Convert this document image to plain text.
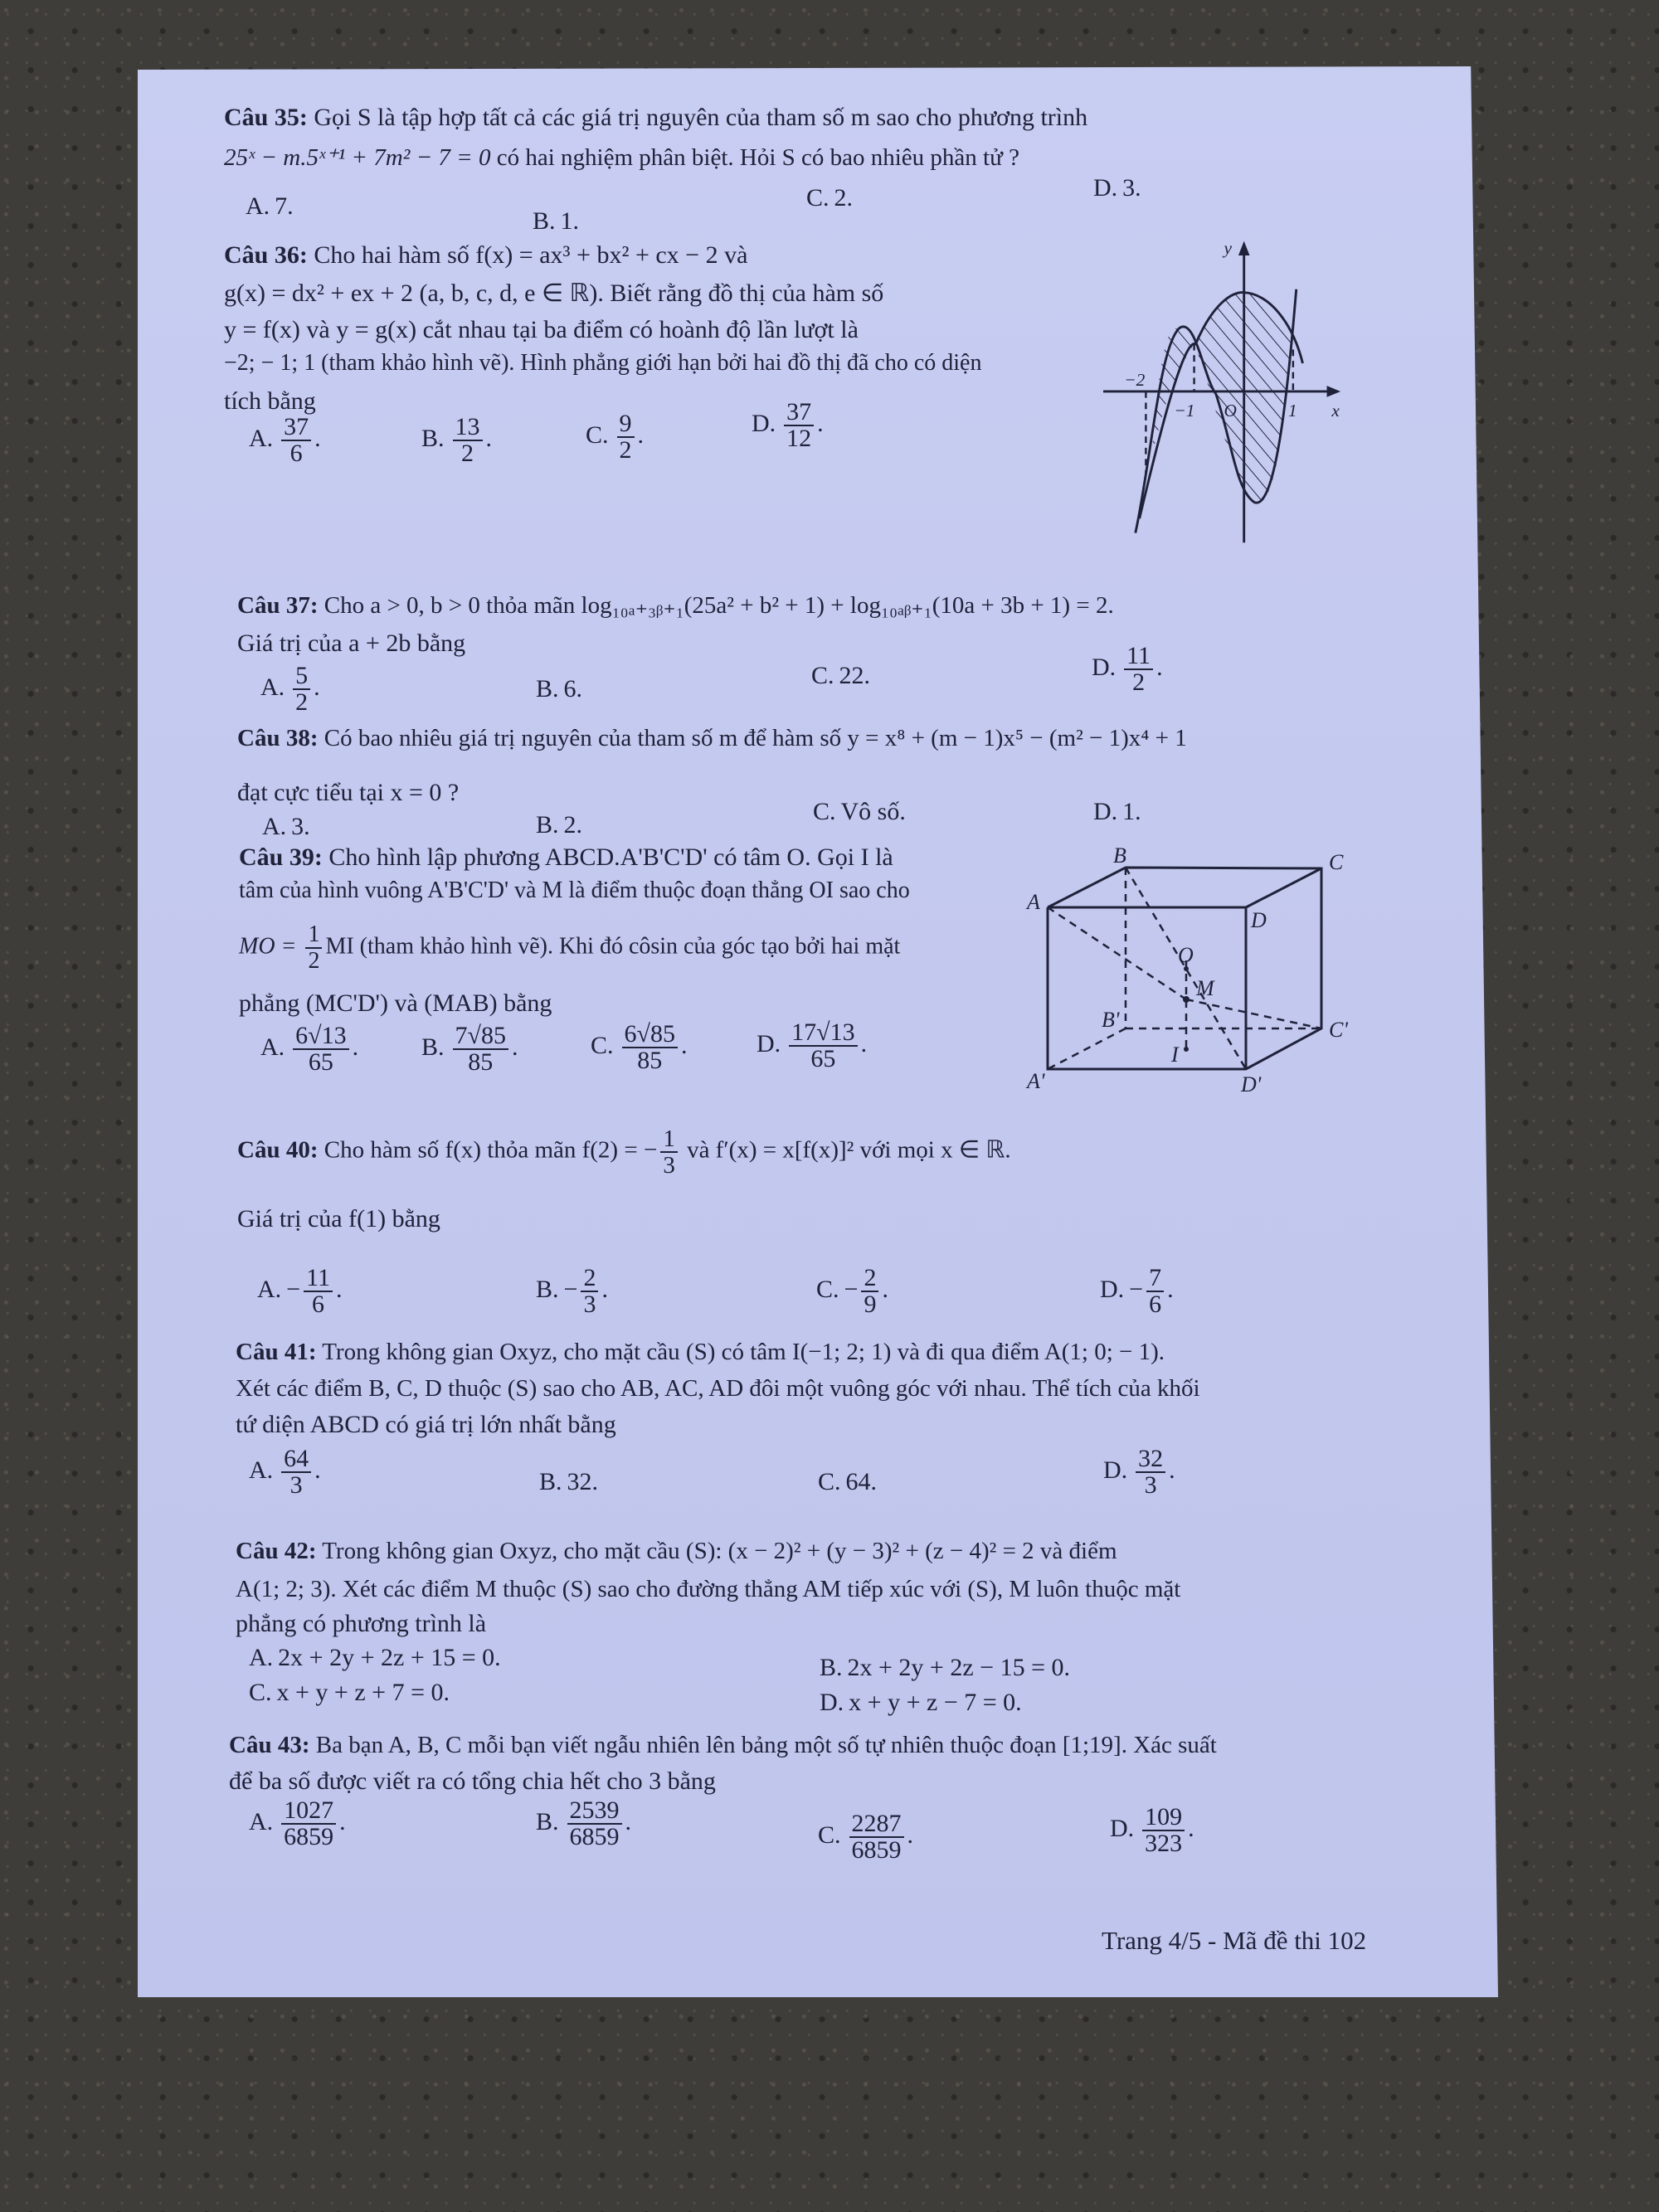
Câu 35: Gọi S là tập hợp tất cả các giá trị nguyên của tham số m sao cho phương trình
25ˣ − m.5ˣ⁺¹ + 7m² − 7 = 0 có hai nghiệm phân biệt. Hỏi S có bao nhiêu phần tử ?
A. 7.
B. 1.
C. 2.	D. 3.
Câu 36: Cho hai hàm số f(x) = ax³ + bx² + cx − 2 và
g(x) = dx² + ex + 2 (a, b, c, d, e ∈ ℝ). Biết rằng đồ thị của hàm số
y = f(x) và y = g(x) cắt nhau tại ba điểm có hoành độ lần lượt là
−2; − 1; 1 (tham khảo hình vẽ). Hình phẳng giới hạn bởi hai đồ thị đã cho có diện
tích bằng
A. $\frac{37}{6}$ .	B. $\frac{13}{2}$ .	C. $\frac{9}{2}$ .	D. $\frac{37}{12}$ .
y
x
−2
−1 O	1
Câu 37: Cho a > 0, b > 0 thỏa mãn log₁₀ₐ₊₃ᵦ₊₁(25a² + b² + 1) + log₁₀ₐᵦ₊₁(10a + 3b + 1) = 2.
Giá trị của a + 2b bằng
A. $\frac{5}{2}$ .	B. 6.	C. 22.	D. $\frac{11}{2}$ .
Câu 38: Có bao nhiêu giá trị nguyên của tham số m để hàm số y = x⁸ + (m − 1)x⁵ − (m² − 1)x⁴ + 1
đạt cực tiểu tại x = 0 ?
A. 3.	B. 2.	C. Vô số.	D. 1.
Câu 39: Cho hình lập phương ABCD.A'B'C'D' có tâm O. Gọi I là
tâm của hình vuông A'B'C'D' và M là điểm thuộc đoạn thẳng OI sao cho
MO = $\frac{1}{2}$ MI (tham khảo hình vẽ). Khi đó côsin của góc tạo bởi hai mặt
phẳng (MC'D') và (MAB) bằng
A. $\frac{6√13}{65}$ .	B. $\frac{7√85}{85}$ .	C. $\frac{6√85}{85}$ .	D. $\frac{17√13}{65}$ .
B	C
A
D
O
M
B'	C'
I
A'	D'
Câu 40: Cho hàm số f(x) thỏa mãn f(2) = − $\frac{1}{3}$ và f′(x) = x[f(x)]² với mọi x ∈ ℝ.
Giá trị của f(1) bằng
A. − $\frac{11}{6}$ .	B. − $\frac{2}{3}$ .	C. − $\frac{2}{9}$ .	D. − $\frac{7}{6}$ .
Câu 41: Trong không gian Oxyz, cho mặt cầu (S) có tâm I(−1; 2; 1) và đi qua điểm A(1; 0; − 1).
Xét các điểm B, C, D thuộc (S) sao cho AB, AC, AD đôi một vuông góc với nhau. Thể tích của khối
tứ diện ABCD có giá trị lớn nhất bằng
A. $\frac{64}{3}$ .	B. 32.	C. 64.	D. $\frac{32}{3}$ .
Câu 42: Trong không gian Oxyz, cho mặt cầu (S): (x − 2)² + (y − 3)² + (z − 4)² = 2 và điểm
A(1; 2; 3). Xét các điểm M thuộc (S) sao cho đường thẳng AM tiếp xúc với (S), M luôn thuộc mặt
phẳng có phương trình là
A. 2x + 2y + 2z + 15 = 0.	B. 2x + 2y + 2z − 15 = 0.
C. x + y + z + 7 = 0.	D. x + y + z − 7 = 0.
Câu 43: Ba bạn A, B, C mỗi bạn viết ngẫu nhiên lên bảng một số tự nhiên thuộc đoạn [1;19]. Xác suất
để ba số được viết ra có tổng chia hết cho 3 bằng
A. $\frac{1027}{6859}$ .	B. $\frac{2539}{6859}$ .	C. $\frac{2287}{6859}$ .	D. $\frac{109}{323}$ .
Trang 4/5 - Mã đề thi 102
